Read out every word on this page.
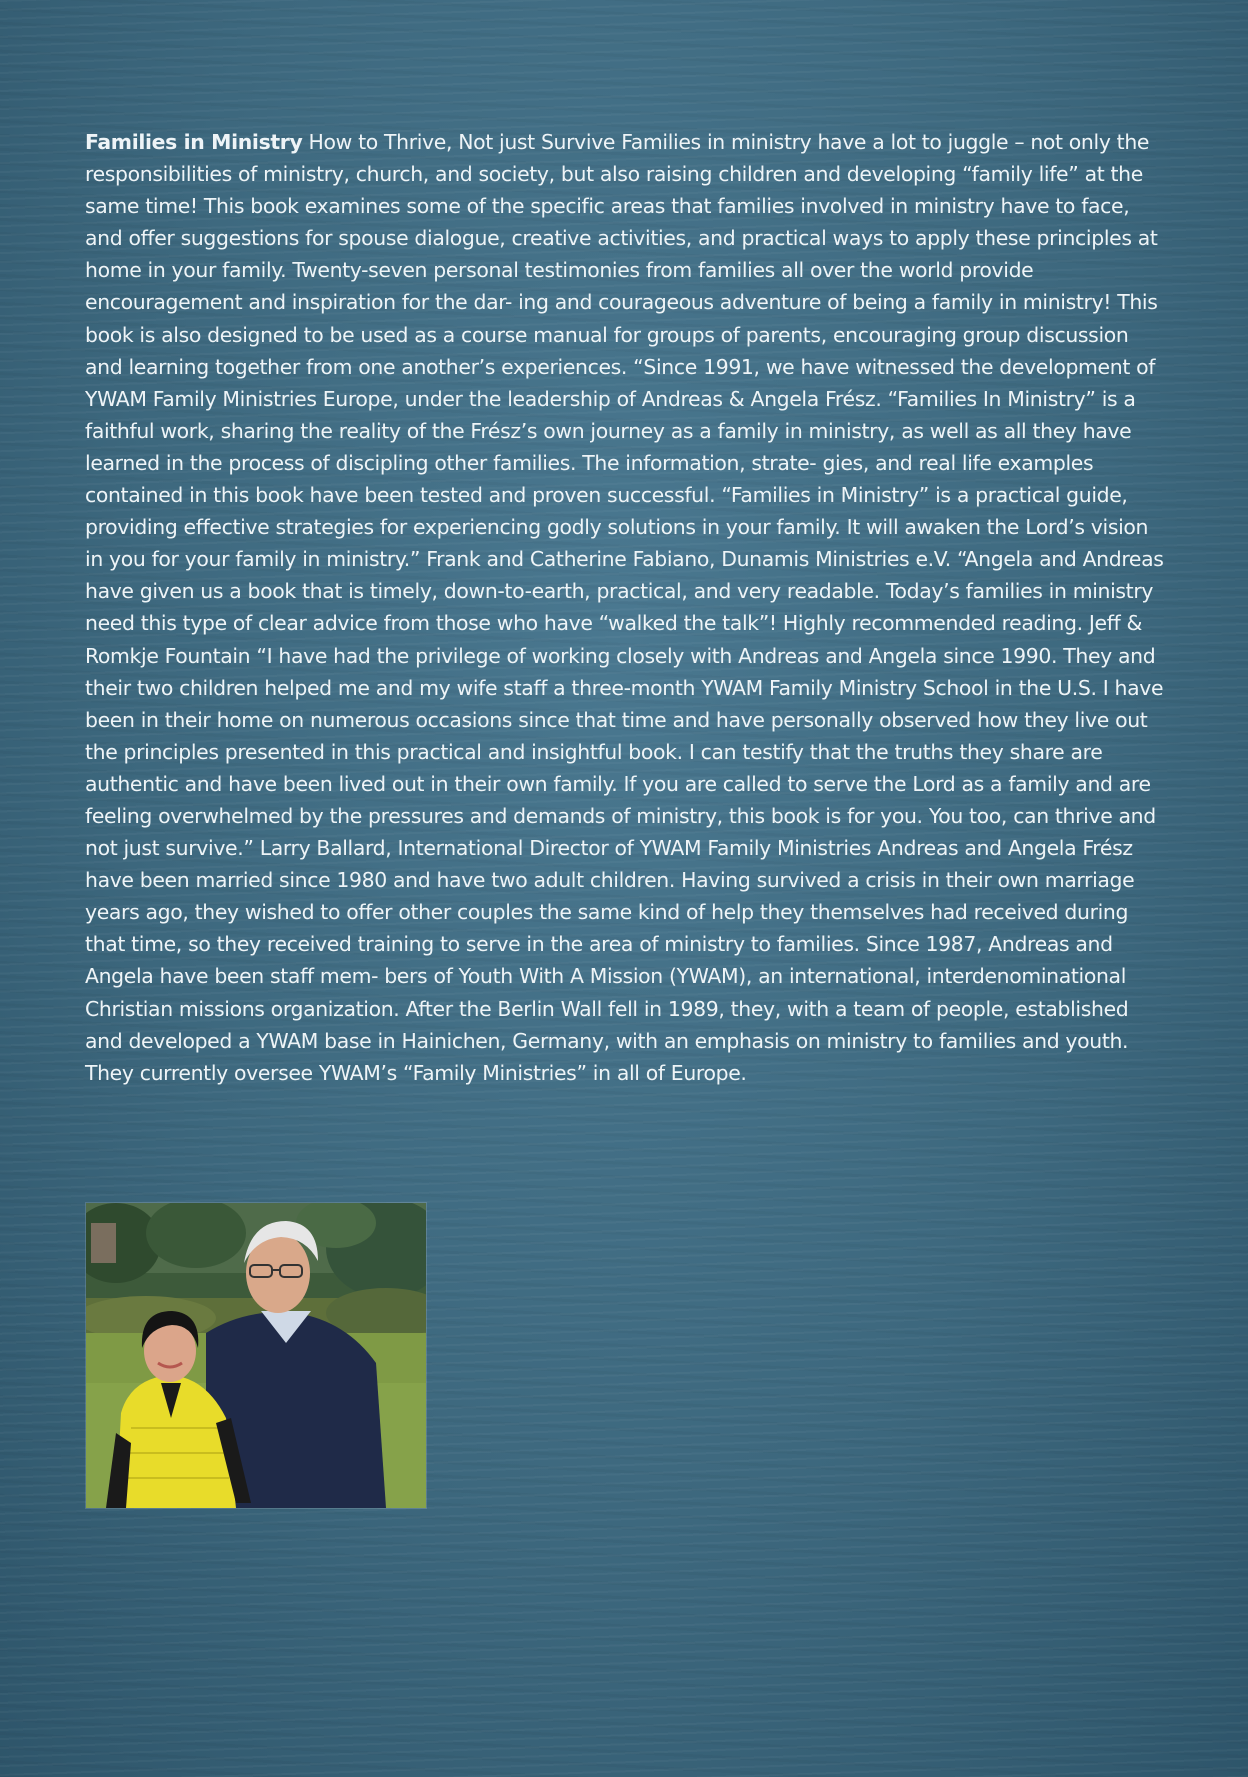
Families in Ministry How to Thrive, Not just Survive Families in ministry have a lot to juggle – not only the responsibilities of ministry, church, and society, but also raising children and developing “family life” at the same time! This book examines some of the specific areas that families involved in ministry have to face, and offer suggestions for spouse dialogue, creative activities, and practical ways to apply these principles at home in your family. Twenty-seven personal testimonies from families all over the world provide encouragement and inspiration for the dar- ing and courageous adventure of being a family in ministry! This book is also designed to be used as a course manual for groups of parents, encouraging group discussion and learning together from one another’s experiences. “Since 1991, we have witnessed the development of YWAM Family Ministries Europe, under the leadership of Andreas & Angela Frész. “Families In Ministry” is a faithful work, sharing the reality of the Frész’s own journey as a family in ministry, as well as all they have learned in the process of discipling other families. The information, strate- gies, and real life examples contained in this book have been tested and proven successful. “Families in Ministry” is a practical guide, providing effective strategies for experiencing godly solutions in your family. It will awaken the Lord’s vision in you for your family in ministry.” Frank and Catherine Fabiano, Dunamis Ministries e.V. “Angela and Andreas have given us a book that is timely, down-to-earth, practical, and very readable. Today’s families in ministry need this type of clear advice from those who have “walked the talk”! Highly recommended reading. Jeff & Romkje Fountain “I have had the privilege of working closely with Andreas and Angela since 1990. They and their two children helped me and my wife staff a three-month YWAM Family Ministry School in the U.S. I have been in their home on numerous occasions since that time and have personally observed how they live out the principles presented in this practical and insightful book. I can testify that the truths they share are authentic and have been lived out in their own family. If you are called to serve the Lord as a family and are feeling overwhelmed by the pressures and demands of ministry, this book is for you. You too, can thrive and not just survive.” Larry Ballard, International Director of YWAM Family Ministries Andreas and Angela Frész have been married since 1980 and have two adult children. Having survived a crisis in their own marriage years ago, they wished to offer other couples the same kind of help they themselves had received during that time, so they received training to serve in the area of ministry to families. Since 1987, Andreas and Angela have been staff mem- bers of Youth With A Mission (YWAM), an international, interdenominational Christian missions organization. After the Berlin Wall fell in 1989, they, with a team of people, established and developed a YWAM base in Hainichen, Germany, with an emphasis on ministry to families and youth. They currently oversee YWAM’s “Family Ministries” in all of Europe.
